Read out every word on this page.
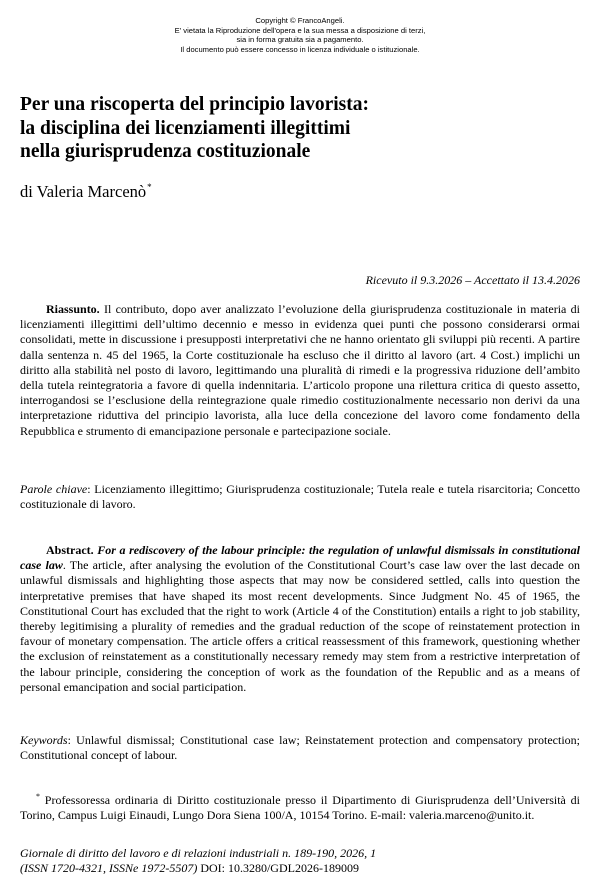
Copyright © FrancoAngeli.
E' vietata la Riproduzione dell'opera e la sua messa a disposizione di terzi,
sia in forma gratuita sia a pagamento.
Il documento può essere concesso in licenza individuale o istituzionale.
Per una riscoperta del principio lavorista:
la disciplina dei licenziamenti illegittimi
nella giurisprudenza costituzionale
di Valeria Marcenò*
Ricevuto il 9.3.2026 – Accettato il 13.4.2026

Riassunto. Il contributo, dopo aver analizzato l’evoluzione della giurisprudenza costituzionale in materia di licenziamenti illegittimi dell’ultimo decennio e messo in evidenza quei punti che possono considerarsi ormai consolidati, mette in discussione i presupposti interpretativi che ne hanno orientato gli sviluppi più recenti. A partire dalla sentenza n. 45 del 1965, la Corte costituzionale ha escluso che il diritto al lavoro (art. 4 Cost.) implichi un diritto alla stabilità nel posto di lavoro, legittimando una pluralità di rimedi e la progressiva riduzione dell’ambito della tutela reintegratoria a favore di quella indennitaria. L’articolo propone una rilettura critica di questo assetto, interrogandosi se l’esclusione della reintegrazione quale rimedio costituzionalmente necessario non derivi da una interpretazione riduttiva del principio lavorista, alla luce della concezione del lavoro come fondamento della Repubblica e strumento di emancipazione personale e partecipazione sociale.

Parole chiave: Licenziamento illegittimo; Giurisprudenza costituzionale; Tutela reale e tutela risarcitoria; Concetto costituzionale di lavoro.

Abstract. For a rediscovery of the labour principle: the regulation of unlawful dismissals in constitutional case law. The article, after analysing the evolution of the Constitutional Court’s case law over the last decade on unlawful dismissals and highlighting those aspects that may now be considered settled, calls into question the interpretative premises that have shaped its most recent developments. Since Judgment No. 45 of 1965, the Constitutional Court has excluded that the right to work (Article 4 of the Constitution) entails a right to job stability, thereby legitimising a plurality of remedies and the gradual reduction of the scope of reinstatement protection in favour of monetary compensation. The article offers a critical reassessment of this framework, questioning whether the exclusion of reinstatement as a constitutionally necessary remedy may stem from a restrictive interpretation of the labour principle, considering the conception of work as the foundation of the Republic and as a means of personal emancipation and social participation.

Keywords: Unlawful dismissal; Constitutional case law; Reinstatement protection and compensatory protection; Constitutional concept of labour.

* Professoressa ordinaria di Diritto costituzionale presso il Dipartimento di Giurisprudenza dell’Università di Torino, Campus Luigi Einaudi, Lungo Dora Siena 100/A, 10154 Torino. E-mail: valeria.marceno@unito.it.

Giornale di diritto del lavoro e di relazioni industriali n. 189-190, 2026, 1
(ISSN 1720-4321, ISSNe 1972-5507) DOI: 10.3280/GDL2026-189009
